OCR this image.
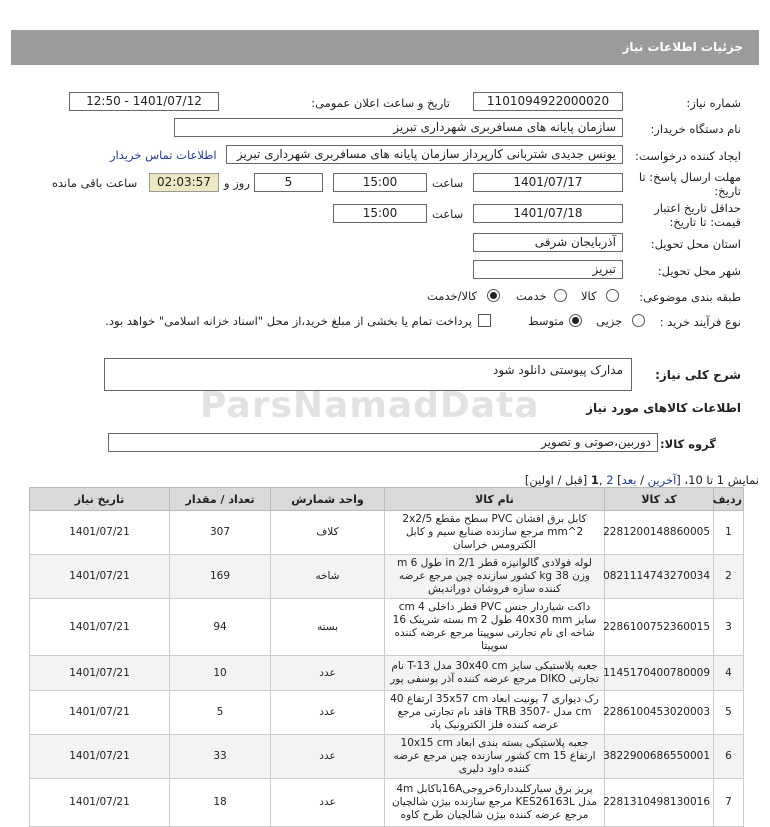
جزئیات اطلاعات نیاز
شماره نیاز:
1101094922000020
تاریخ و ساعت اعلان عمومی:
1401/07/12 - 12:50
نام دستگاه خریدار:
سازمان پایانه های مسافربری شهرداری تبریز
ایجاد کننده درخواست:
یونس جدیدی شتربانی کارپرداز سازمان پایانه های مسافربری شهرداری تبریز
اطلاعات تماس خریدار
مهلت ارسال پاسخ: تا
تاریخ:
1401/07/17
ساعت
15:00
5
روز و
02:03:57
ساعت باقی مانده
حداقل تاریخ اعتبار
قیمت: تا تاریخ:
1401/07/18
ساعت
15:00
استان محل تحویل:
آذربایجان شرقی
شهر محل تحویل:
تبریز
طبقه بندی موضوعی:
کالا
خدمت
کالا/خدمت
نوع فرآیند خرید :
جزیی
متوسط
پرداخت تمام یا بخشی از مبلغ خرید،از محل "اسناد خزانه اسلامی" خواهد بود.
شرح کلی نیاز:
مدارک پیوستی دانلود شود
ParsNamadData	اطلاعات کالاهای مورد نیاز
گروه کالا:
دوربین،صوتی و تصویر
نمایش 1 تا 10، [آخرین / بعد] 2 ,1 [قبل / اولین]
ردیف	کد کالا	نام کالا	واحد شمارش	تعداد / مقدار	تاریخ نیاز
1	2281200148860005	کابل برق افشان PVC سطح مقطع 2x2/5 mm^2 مرجع سازنده صنایع سیم و کابل الکترومس خراسان	کلاف	307	1401/07/21
2	0821114743270034	لوله فولادی گالوانیزه قطر 2/1 in طول 6 m وزن 38 kg کشور سازنده چین مرجع عرضه کننده سازه فروشان دورانديش	شاخه	169	1401/07/21
3	2286100752360015	داکت شیاردار جنس PVC قطر داخلی 4 cm سایز 40x30 mm طول 2 m بسته شرینک 16 شاخه ای نام تجارتی سوپیتا مرجع عرضه کننده سوپیتا	بسته	94	1401/07/21
4	1145170400780009	جعبه پلاستیکی سایز 30x40 cm مدل T-13 نام تجارتی DIKO مرجع عرضه کننده آذر یوسفی پور	عدد	10	1401/07/21
5	2286100453020003	رک دیواری 7 یونیت ابعاد 35x57 cm ارتفاع 40 cm مدل -TRB 3507 فاقد نام تجارتی مرجع عرضه کننده فلز الکترونیک پاد	عدد	5	1401/07/21
6	3822900686550001	جعبه پلاستیکی بسته بندی ابعاد 10x15 cm ارتفاع 15 cm کشور سازنده چین مرجع عرضه کننده داود دلیری	عدد	33	1401/07/21
7	2281310498130016	پریز برق سیارکلیددار6خروجی16Aباکابل 4m مدل KES26163L مرجع سازنده بیژن شالچیان مرجع عرضه کننده بیژن شالچیان طرح کاوه	عدد	18	1401/07/21
